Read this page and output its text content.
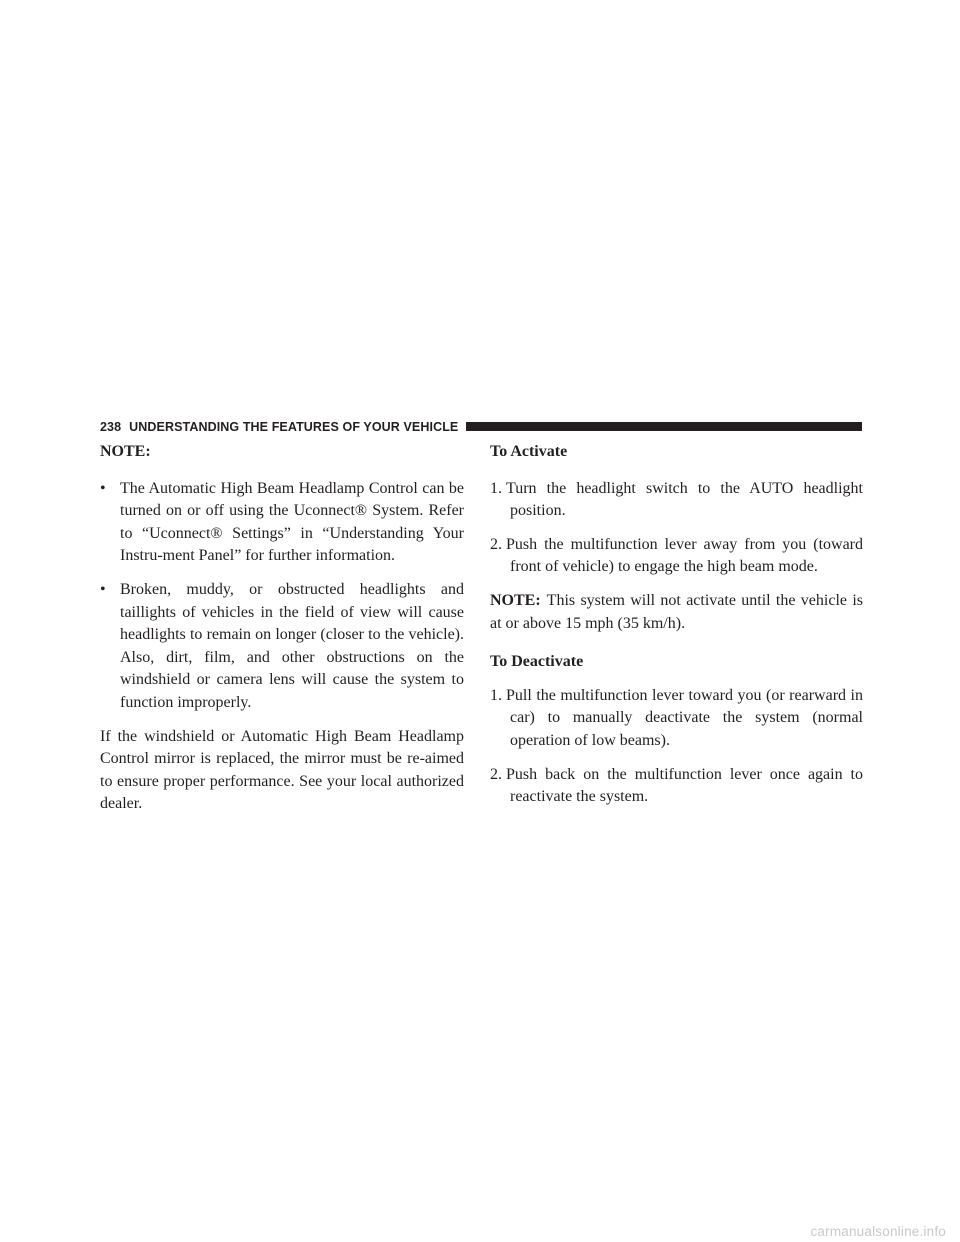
238 UNDERSTANDING THE FEATURES OF YOUR VEHICLE

NOTE:

• The Automatic High Beam Headlamp Control can be turned on or off using the Uconnect® System. Refer to “Uconnect® Settings” in “Understanding Your Instru-ment Panel” for further information.
• Broken, muddy, or obstructed headlights and taillights of vehicles in the field of view will cause headlights to remain on longer (closer to the vehicle). Also, dirt, film, and other obstructions on the windshield or camera lens will cause the system to function improperly.

If the windshield or Automatic High Beam Headlamp Control mirror is replaced, the mirror must be re-aimed to ensure proper performance. See your local authorized dealer.

To Activate

1. Turn the headlight switch to the AUTO headlight position.
2. Push the multifunction lever away from you (toward front of vehicle) to engage the high beam mode.

NOTE: This system will not activate until the vehicle is at or above 15 mph (35 km/h).

To Deactivate

1. Pull the multifunction lever toward you (or rearward in car) to manually deactivate the system (normal operation of low beams).
2. Push back on the multifunction lever once again to reactivate the system.
carmanualsonline.info
